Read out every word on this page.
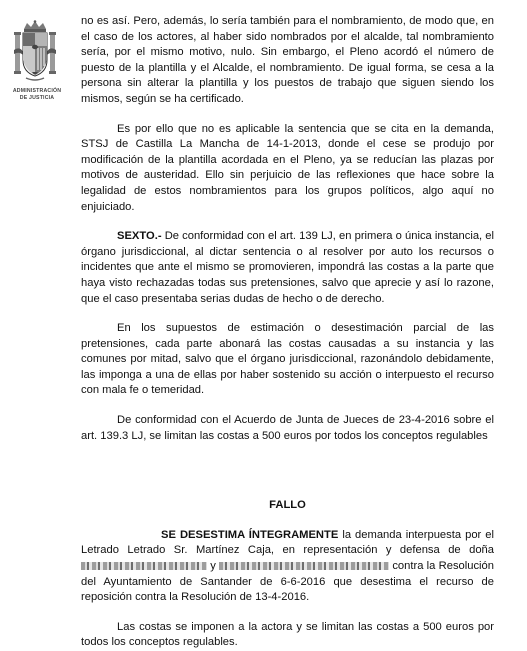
ADMINISTRACIÓN
DE JUSTICIA

no es así. Pero, además, lo sería también para el nombramiento, de modo que, en el caso de los actores, al haber sido nombrados por el alcalde, tal nombramiento sería, por el mismo motivo, nulo. Sin embargo, el Pleno acordó el número de puesto de la plantilla y el Alcalde, el nombramiento. De igual forma, se cesa a la persona sin alterar la plantilla y los puestos de trabajo que siguen siendo los mismos, según se ha certificado.

Es por ello que no es aplicable la sentencia que se cita en la demanda, STSJ de Castilla La Mancha de 14-1-2013, donde el cese se produjo por modificación de la plantilla acordada en el Pleno, ya se reducían las plazas por motivos de austeridad. Ello sin perjuicio de las reflexiones que hace sobre la legalidad de estos nombramientos para los grupos políticos, algo aquí no enjuiciado.

SEXTO.- De conformidad con el art. 139 LJ, en primera o única instancia, el órgano jurisdiccional, al dictar sentencia o al resolver por auto los recursos o incidentes que ante el mismo se promovieren, impondrá las costas a la parte que haya visto rechazadas todas sus pretensiones, salvo que aprecie y así lo razone, que el caso presentaba serias dudas de hecho o de derecho.

En los supuestos de estimación o desestimación parcial de las pretensiones, cada parte abonará las costas causadas a su instancia y las comunes por mitad, salvo que el órgano jurisdiccional, razonándolo debidamente, las imponga a una de ellas por haber sostenido su acción o interpuesto el recurso con mala fe o temeridad.

De conformidad con el Acuerdo de Junta de Jueces de 23-4-2016 sobre el art. 139.3 LJ, se limitan las costas a 500 euros por todos los conceptos regulables

FALLO

SE DESESTIMA ÍNTEGRAMENTE la demanda interpuesta por el Letrado Letrado Sr. Martínez Caja, en representación y defensa de doña  y	contra la Resolución del Ayuntamiento de Santander de 6-6-2016 que desestima el recurso de reposición contra la Resolución de 13-4-2016.

Las costas se imponen a la actora y se limitan las costas a 500 euros por todos los conceptos regulables.
